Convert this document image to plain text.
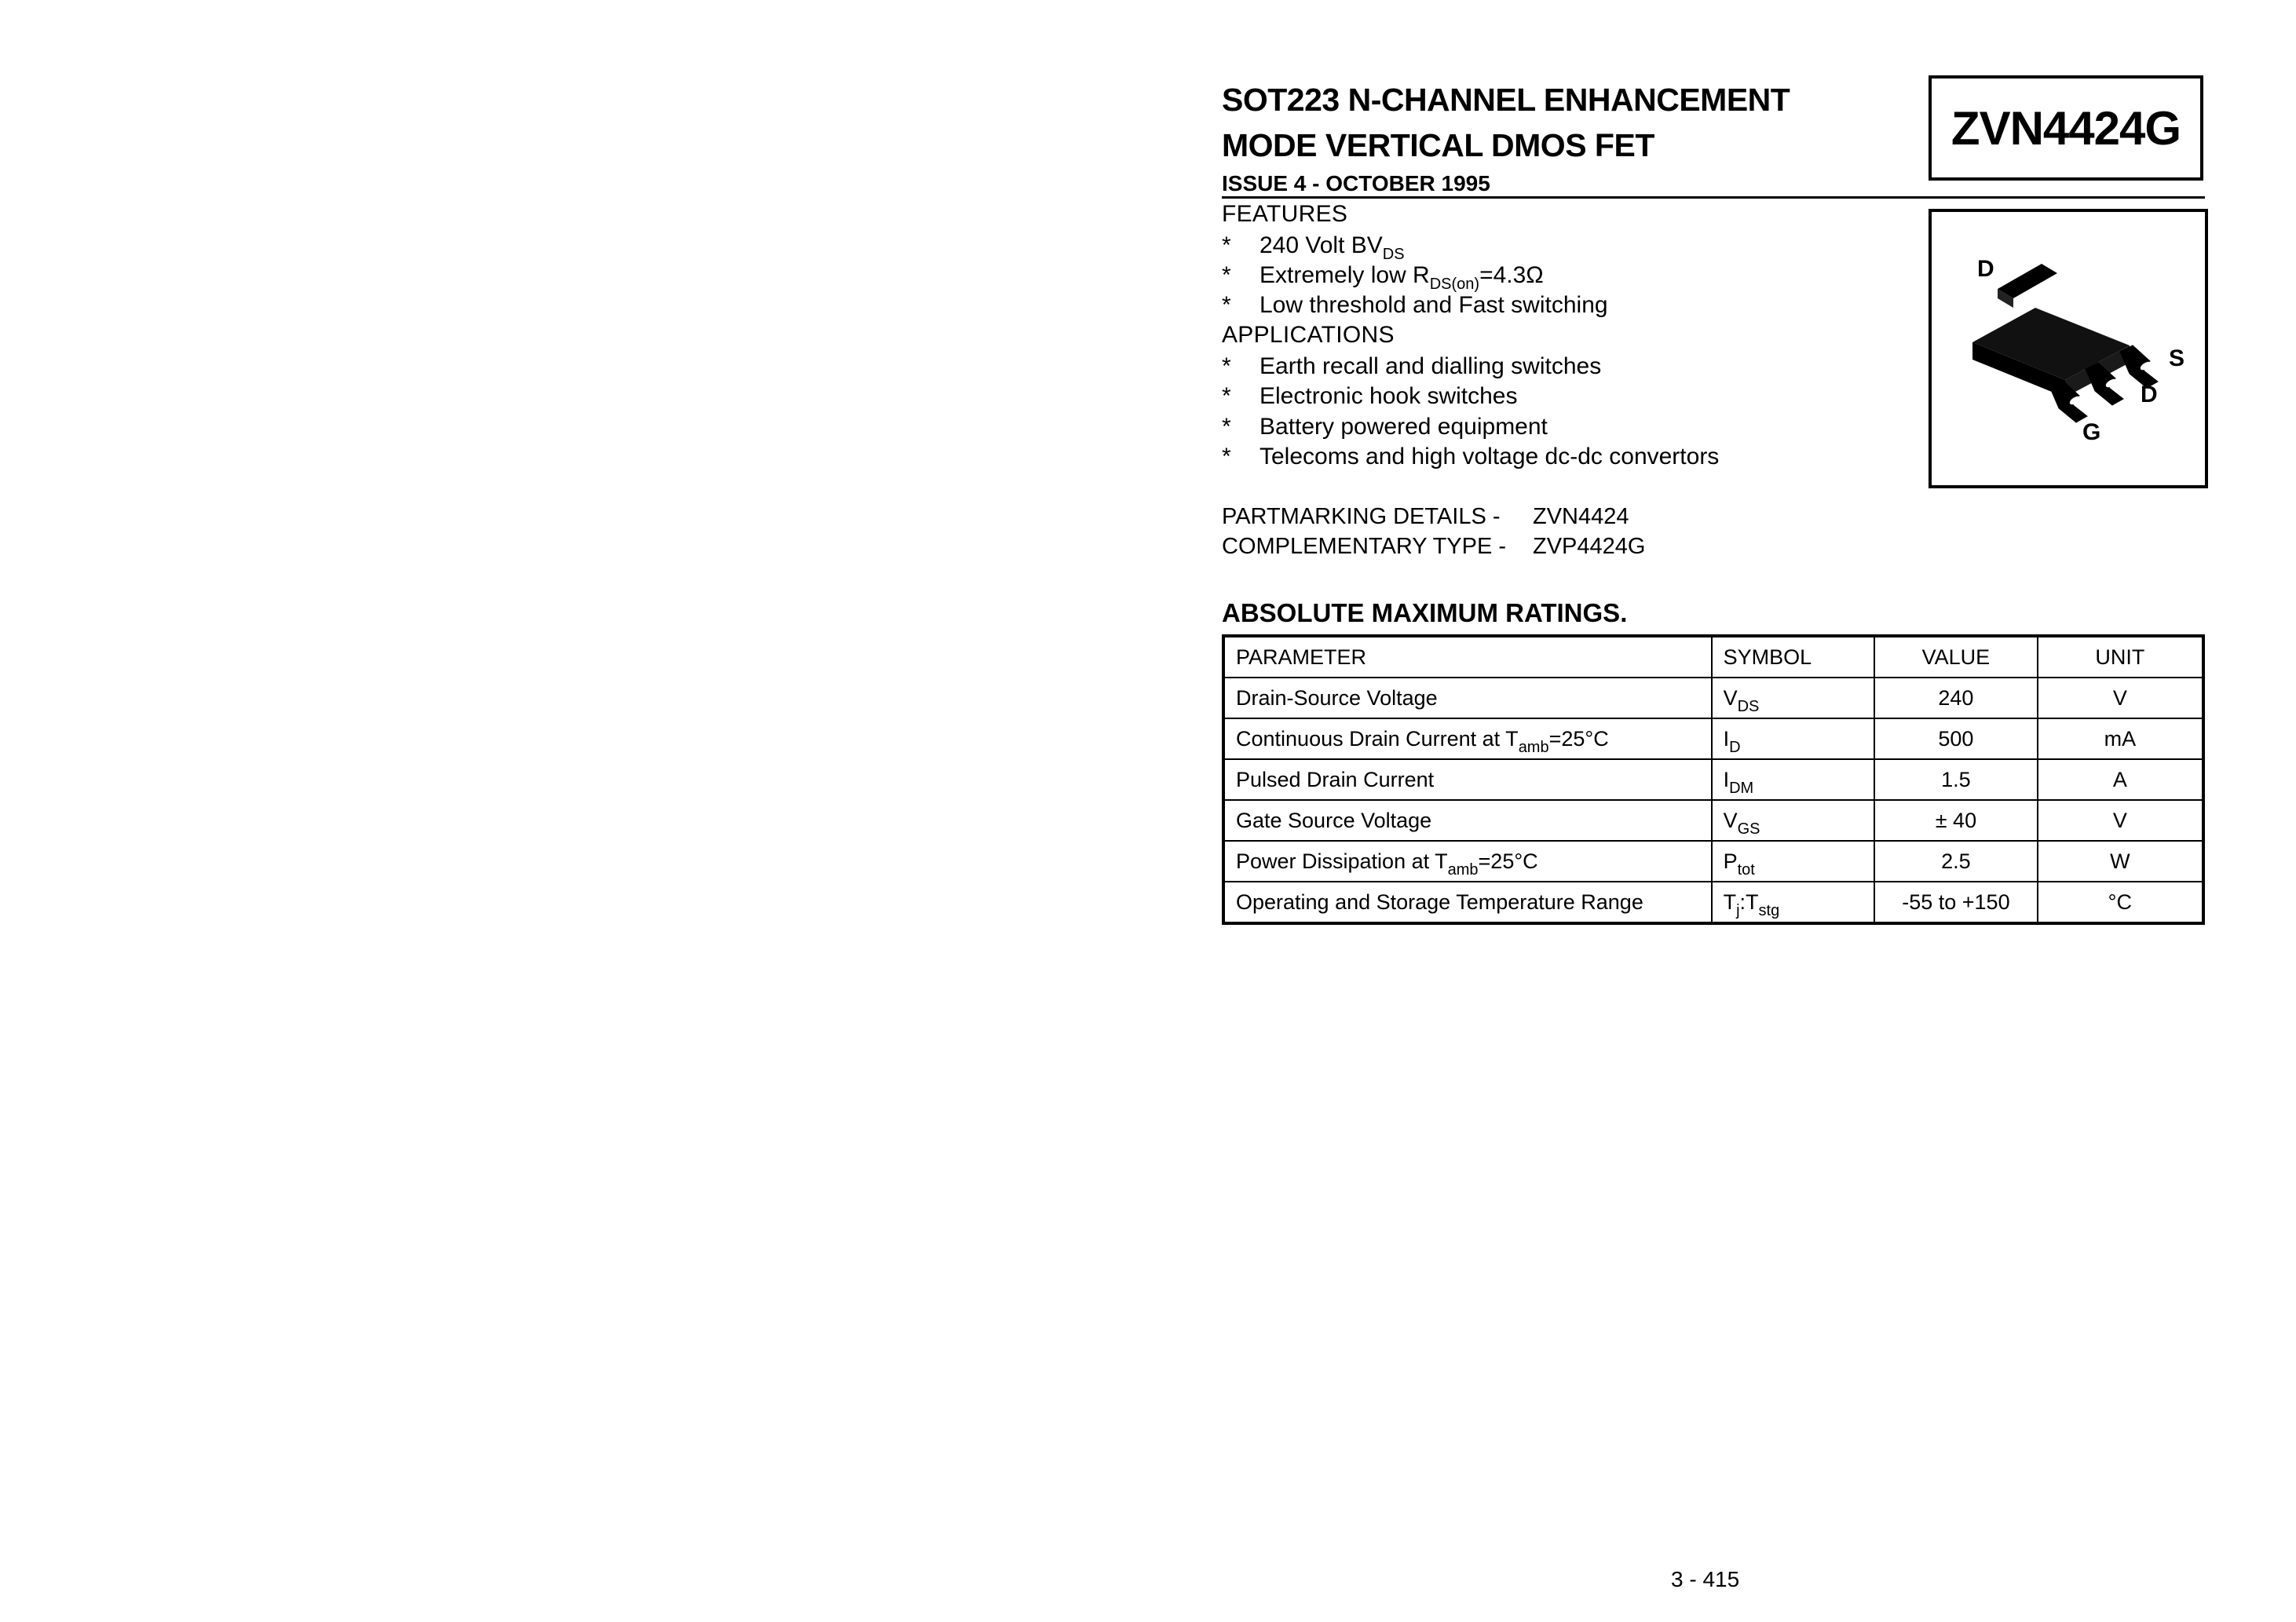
SOT223 N-CHANNEL ENHANCEMENT
MODE VERTICAL DMOS FET
ISSUE 4 - OCTOBER 1995
ZVN4424G
D
S
D
G
FEATURES
* 240 Volt $BV_{DS}$
* Extremely low $R_{DS(on)}=4.3\Omega$
* Low threshold and Fast switching
APPLICATIONS
* Earth recall and dialling switches
* Electronic hook switches
* Battery powered equipment
* Telecoms and high voltage dc-dc convertors
PARTMARKING DETAILS - ZVN4424
COMPLEMENTARY TYPE - ZVP4424G
ABSOLUTE MAXIMUM RATINGS.
PARAMETER	SYMBOL	VALUE	UNIT
Drain-Source Voltage	$V_{DS}$	240	V
Continuous Drain Current at $T_{amb}=25^\circ C$	$I_D$	500	mA
Pulsed Drain Current	$I_{DM}$	1.5	A
Gate Source Voltage	$V_{GS}$	± 40	V
Power Dissipation at $T_{amb}=25^\circ C$	$P_{tot}$	2.5	W
Operating and Storage Temperature Range	$T_j:T_{stg}$	-55 to +150	°C
3 - 415
